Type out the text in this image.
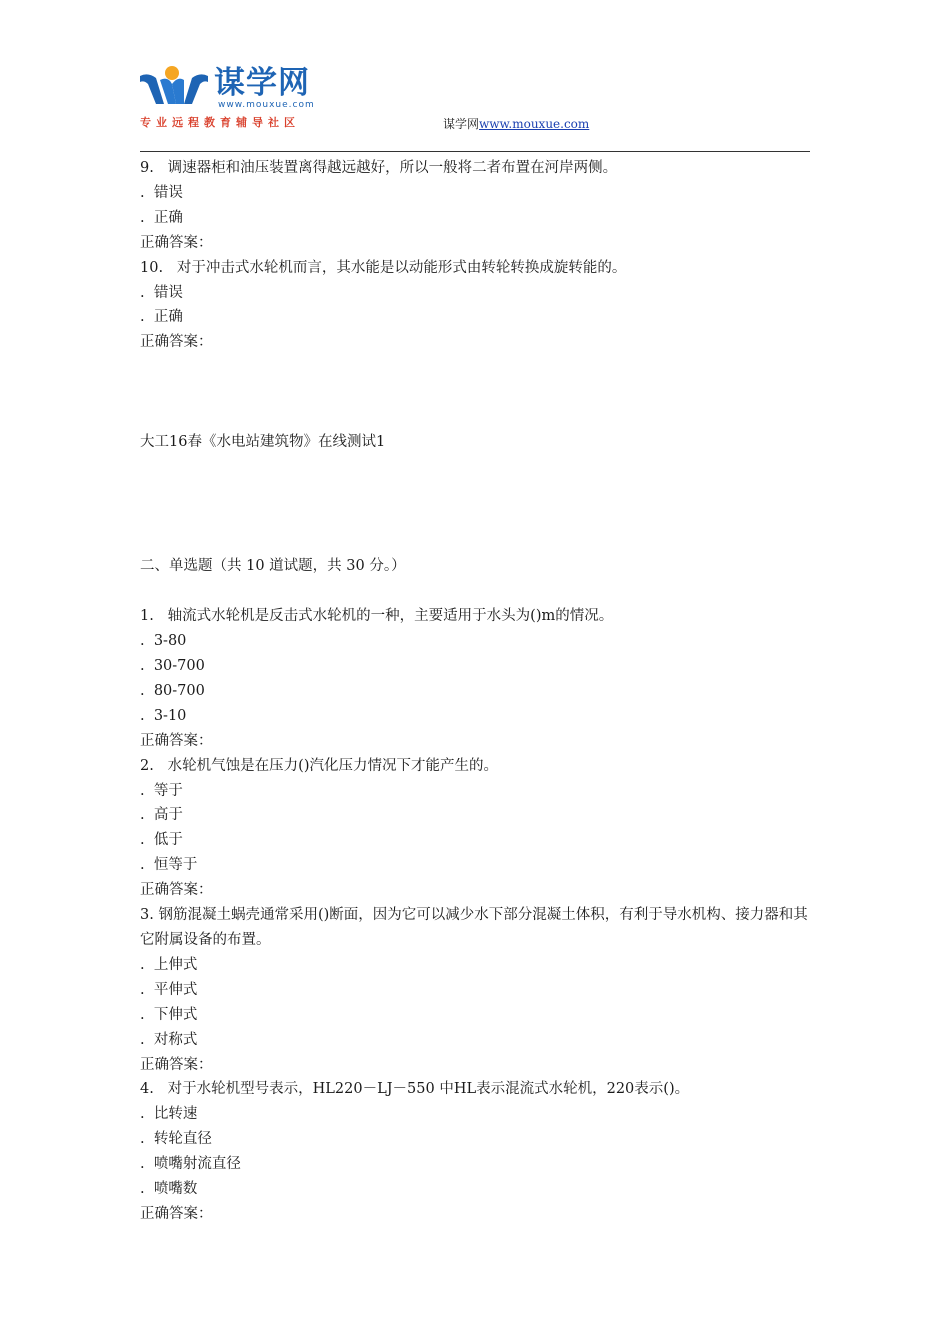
谋学网
www.mouxue.com
专业远程教育辅导社区	谋学网www.mouxue.com
9.   调速器柜和油压装置离得越远越好，所以一般将二者布置在河岸两侧。
.  错误
.  正确
正确答案：
10.   对于冲击式水轮机而言，其水能是以动能形式由转轮转换成旋转能的。
.  错误
.  正确
正确答案：
大工16春《水电站建筑物》在线测试1
二、单选题（共 10 道试题，共 30 分。）
1.   轴流式水轮机是反击式水轮机的一种，主要适用于水头为()m的情况。
.  3-80
.  30-700
.  80-700
.  3-10
正确答案：
2.   水轮机气蚀是在压力()汽化压力情况下才能产生的。
.  等于
.  高于
.  低于
.  恒等于
正确答案：
3. 钢筋混凝土蜗壳通常采用()断面，因为它可以减少水下部分混凝土体积，有利于导水机构、接力器和其它附属设备的布置。
.  上伸式
.  平伸式
.  下伸式
.  对称式
正确答案：
4.   对于水轮机型号表示，HL220－LJ－550 中HL表示混流式水轮机，220表示()。
.  比转速
.  转轮直径
.  喷嘴射流直径
.  喷嘴数
正确答案：
